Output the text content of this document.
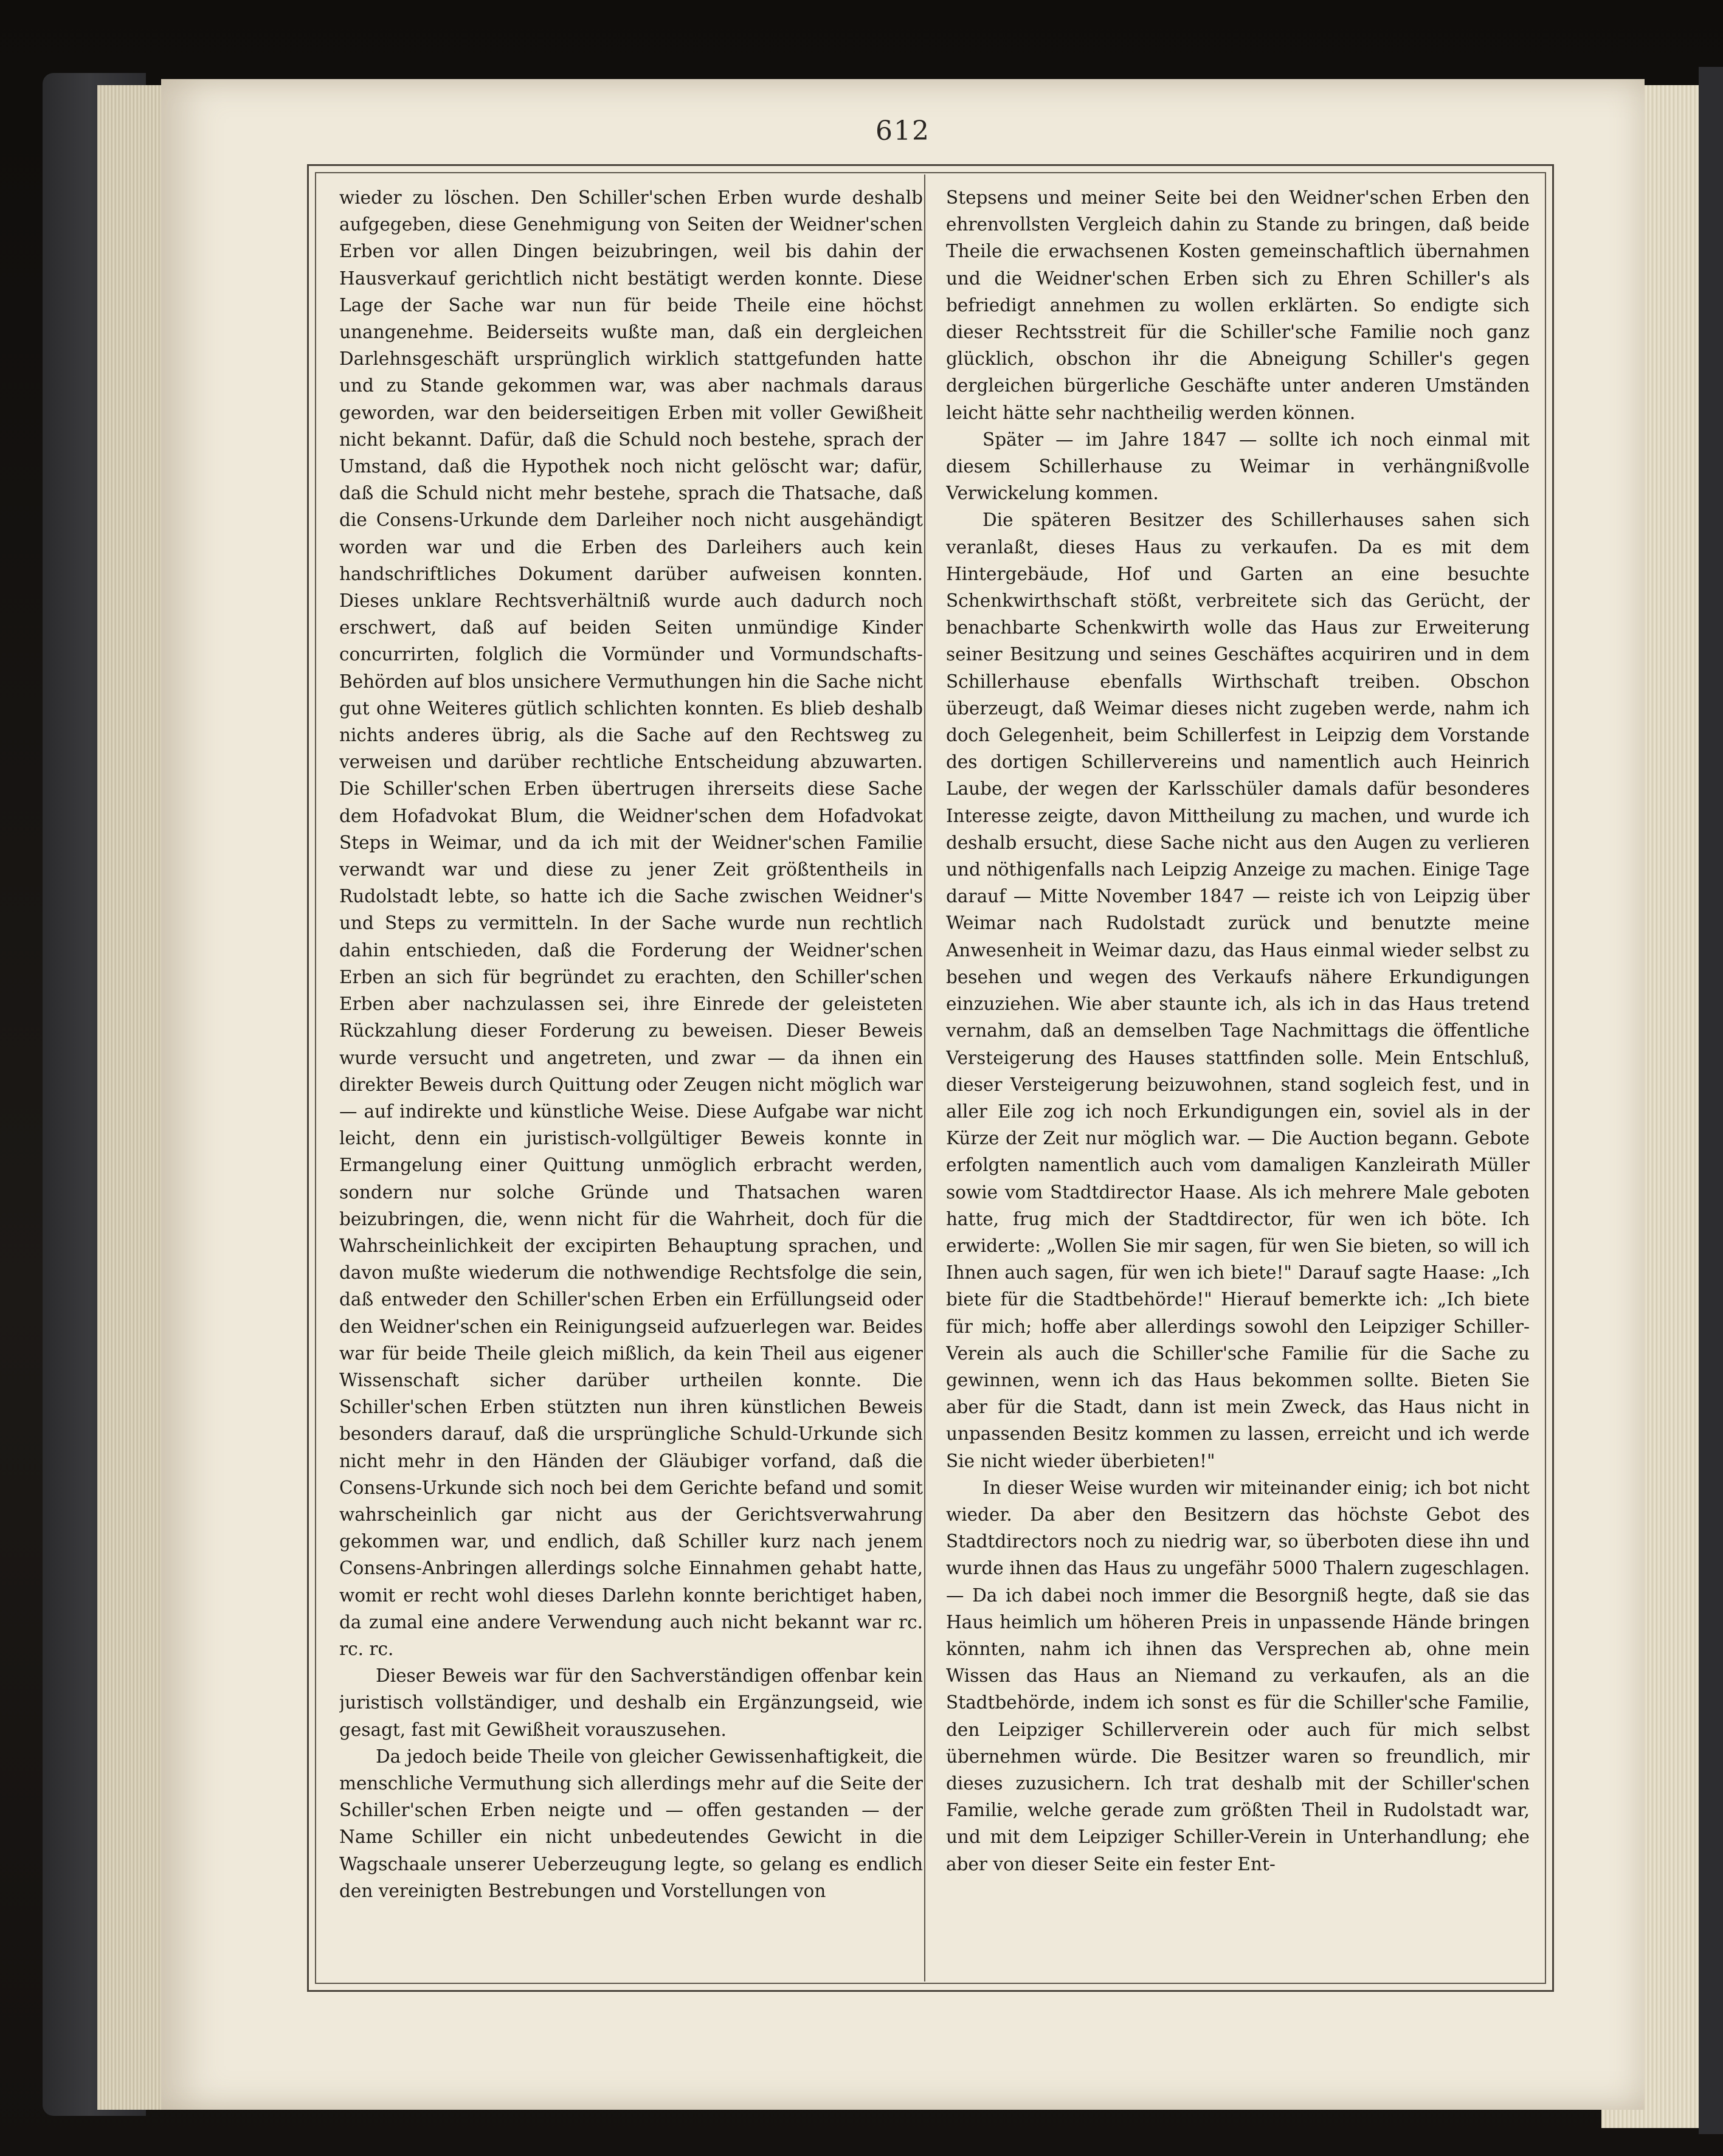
612

wieder zu löschen. Den Schiller'schen Erben wurde deshalb aufgegeben, diese Genehmigung von Seiten der Weidner'schen Erben vor allen Dingen beizubringen, weil bis dahin der Hausverkauf gerichtlich nicht bestätigt werden konnte. Diese Lage der Sache war nun für beide Theile eine höchst unangenehme. Beiderseits wußte man, daß ein dergleichen Darlehnsgeschäft ursprünglich wirklich stattgefunden hatte und zu Stande gekommen war, was aber nachmals daraus geworden, war den beiderseitigen Erben mit voller Gewißheit nicht bekannt. Dafür, daß die Schuld noch bestehe, sprach der Umstand, daß die Hypothek noch nicht gelöscht war; dafür, daß die Schuld nicht mehr bestehe, sprach die Thatsache, daß die Consens-Urkunde dem Darleiher noch nicht ausgehändigt worden war und die Erben des Darleihers auch kein handschriftliches Dokument darüber aufweisen konnten. Dieses unklare Rechtsverhältniß wurde auch dadurch noch erschwert, daß auf beiden Seiten unmündige Kinder concurrirten, folglich die Vormünder und Vormundschafts-Behörden auf blos unsichere Vermuthungen hin die Sache nicht gut ohne Weiteres gütlich schlichten konnten. Es blieb deshalb nichts anderes übrig, als die Sache auf den Rechtsweg zu verweisen und darüber rechtliche Entscheidung abzuwarten. Die Schiller'schen Erben übertrugen ihrerseits diese Sache dem Hofadvokat Blum, die Weidner'schen dem Hofadvokat Steps in Weimar, und da ich mit der Weidner'schen Familie verwandt war und diese zu jener Zeit größtentheils in Rudolstadt lebte, so hatte ich die Sache zwischen Weidner's und Steps zu vermitteln. In der Sache wurde nun rechtlich dahin entschieden, daß die Forderung der Weidner'schen Erben an sich für begründet zu erachten, den Schiller'schen Erben aber nachzulassen sei, ihre Einrede der geleisteten Rückzahlung dieser Forderung zu beweisen. Dieser Beweis wurde versucht und angetreten, und zwar — da ihnen ein direkter Beweis durch Quittung oder Zeugen nicht möglich war — auf indirekte und künstliche Weise. Diese Aufgabe war nicht leicht, denn ein juristisch-vollgültiger Beweis konnte in Ermangelung einer Quittung unmöglich erbracht werden, sondern nur solche Gründe und Thatsachen waren beizubringen, die, wenn nicht für die Wahrheit, doch für die Wahrscheinlichkeit der excipirten Behauptung sprachen, und davon mußte wiederum die nothwendige Rechtsfolge die sein, daß entweder den Schiller'schen Erben ein Erfüllungseid oder den Weidner'schen ein Reinigungseid aufzuerlegen war. Beides war für beide Theile gleich mißlich, da kein Theil aus eigener Wissenschaft sicher darüber urtheilen konnte. Die Schiller'schen Erben stützten nun ihren künstlichen Beweis besonders darauf, daß die ursprüngliche Schuld-Urkunde sich nicht mehr in den Händen der Gläubiger vorfand, daß die Consens-Urkunde sich noch bei dem Gerichte befand und somit wahrscheinlich gar nicht aus der Gerichtsverwahrung gekommen war, und endlich, daß Schiller kurz nach jenem Consens-Anbringen allerdings solche Einnahmen gehabt hatte, womit er recht wohl dieses Darlehn konnte berichtiget haben, da zumal eine andere Verwendung auch nicht bekannt war rc. rc. rc.

Dieser Beweis war für den Sachverständigen offenbar kein juristisch vollständiger, und deshalb ein Ergänzungseid, wie gesagt, fast mit Gewißheit vorauszusehen.

Da jedoch beide Theile von gleicher Gewissenhaftigkeit, die menschliche Vermuthung sich allerdings mehr auf die Seite der Schiller'schen Erben neigte und — offen gestanden — der Name Schiller ein nicht unbedeutendes Gewicht in die Wagschaale unserer Ueberzeugung legte, so gelang es endlich den vereinigten Bestrebungen und Vorstellungen von

Stepsens und meiner Seite bei den Weidner'schen Erben den ehrenvollsten Vergleich dahin zu Stande zu bringen, daß beide Theile die erwachsenen Kosten gemeinschaftlich übernahmen und die Weidner'schen Erben sich zu Ehren Schiller's als befriedigt annehmen zu wollen erklärten. So endigte sich dieser Rechtsstreit für die Schiller'sche Familie noch ganz glücklich, obschon ihr die Abneigung Schiller's gegen dergleichen bürgerliche Geschäfte unter anderen Umständen leicht hätte sehr nachtheilig werden können.

Später — im Jahre 1847 — sollte ich noch einmal mit diesem Schillerhause zu Weimar in verhängnißvolle Verwickelung kommen.

Die späteren Besitzer des Schillerhauses sahen sich veranlaßt, dieses Haus zu verkaufen. Da es mit dem Hintergebäude, Hof und Garten an eine besuchte Schenkwirthschaft stößt, verbreitete sich das Gerücht, der benachbarte Schenkwirth wolle das Haus zur Erweiterung seiner Besitzung und seines Geschäftes acquiriren und in dem Schillerhause ebenfalls Wirthschaft treiben. Obschon überzeugt, daß Weimar dieses nicht zugeben werde, nahm ich doch Gelegenheit, beim Schillerfest in Leipzig dem Vorstande des dortigen Schillervereins und namentlich auch Heinrich Laube, der wegen der Karlsschüler damals dafür besonderes Interesse zeigte, davon Mittheilung zu machen, und wurde ich deshalb ersucht, diese Sache nicht aus den Augen zu verlieren und nöthigenfalls nach Leipzig Anzeige zu machen. Einige Tage darauf — Mitte November 1847 — reiste ich von Leipzig über Weimar nach Rudolstadt zurück und benutzte meine Anwesenheit in Weimar dazu, das Haus einmal wieder selbst zu besehen und wegen des Verkaufs nähere Erkundigungen einzuziehen. Wie aber staunte ich, als ich in das Haus tretend vernahm, daß an demselben Tage Nachmittags die öffentliche Versteigerung des Hauses stattfinden solle. Mein Entschluß, dieser Versteigerung beizuwohnen, stand sogleich fest, und in aller Eile zog ich noch Erkundigungen ein, soviel als in der Kürze der Zeit nur möglich war. — Die Auction begann. Gebote erfolgten namentlich auch vom damaligen Kanzleirath Müller sowie vom Stadtdirector Haase. Als ich mehrere Male geboten hatte, frug mich der Stadtdirector, für wen ich böte. Ich erwiderte: „Wollen Sie mir sagen, für wen Sie bieten, so will ich Ihnen auch sagen, für wen ich biete!" Darauf sagte Haase: „Ich biete für die Stadtbehörde!" Hierauf bemerkte ich: „Ich biete für mich; hoffe aber allerdings sowohl den Leipziger Schiller-Verein als auch die Schiller'sche Familie für die Sache zu gewinnen, wenn ich das Haus bekommen sollte. Bieten Sie aber für die Stadt, dann ist mein Zweck, das Haus nicht in unpassenden Besitz kommen zu lassen, erreicht und ich werde Sie nicht wieder überbieten!"

In dieser Weise wurden wir miteinander einig; ich bot nicht wieder. Da aber den Besitzern das höchste Gebot des Stadtdirectors noch zu niedrig war, so überboten diese ihn und wurde ihnen das Haus zu ungefähr 5000 Thalern zugeschlagen. — Da ich dabei noch immer die Besorgniß hegte, daß sie das Haus heimlich um höheren Preis in unpassende Hände bringen könnten, nahm ich ihnen das Versprechen ab, ohne mein Wissen das Haus an Niemand zu verkaufen, als an die Stadtbehörde, indem ich sonst es für die Schiller'sche Familie, den Leipziger Schillerverein oder auch für mich selbst übernehmen würde. Die Besitzer waren so freundlich, mir dieses zuzusichern. Ich trat deshalb mit der Schiller'schen Familie, welche gerade zum größten Theil in Rudolstadt war, und mit dem Leipziger Schiller-Verein in Unterhandlung; ehe aber von dieser Seite ein fester Ent-
